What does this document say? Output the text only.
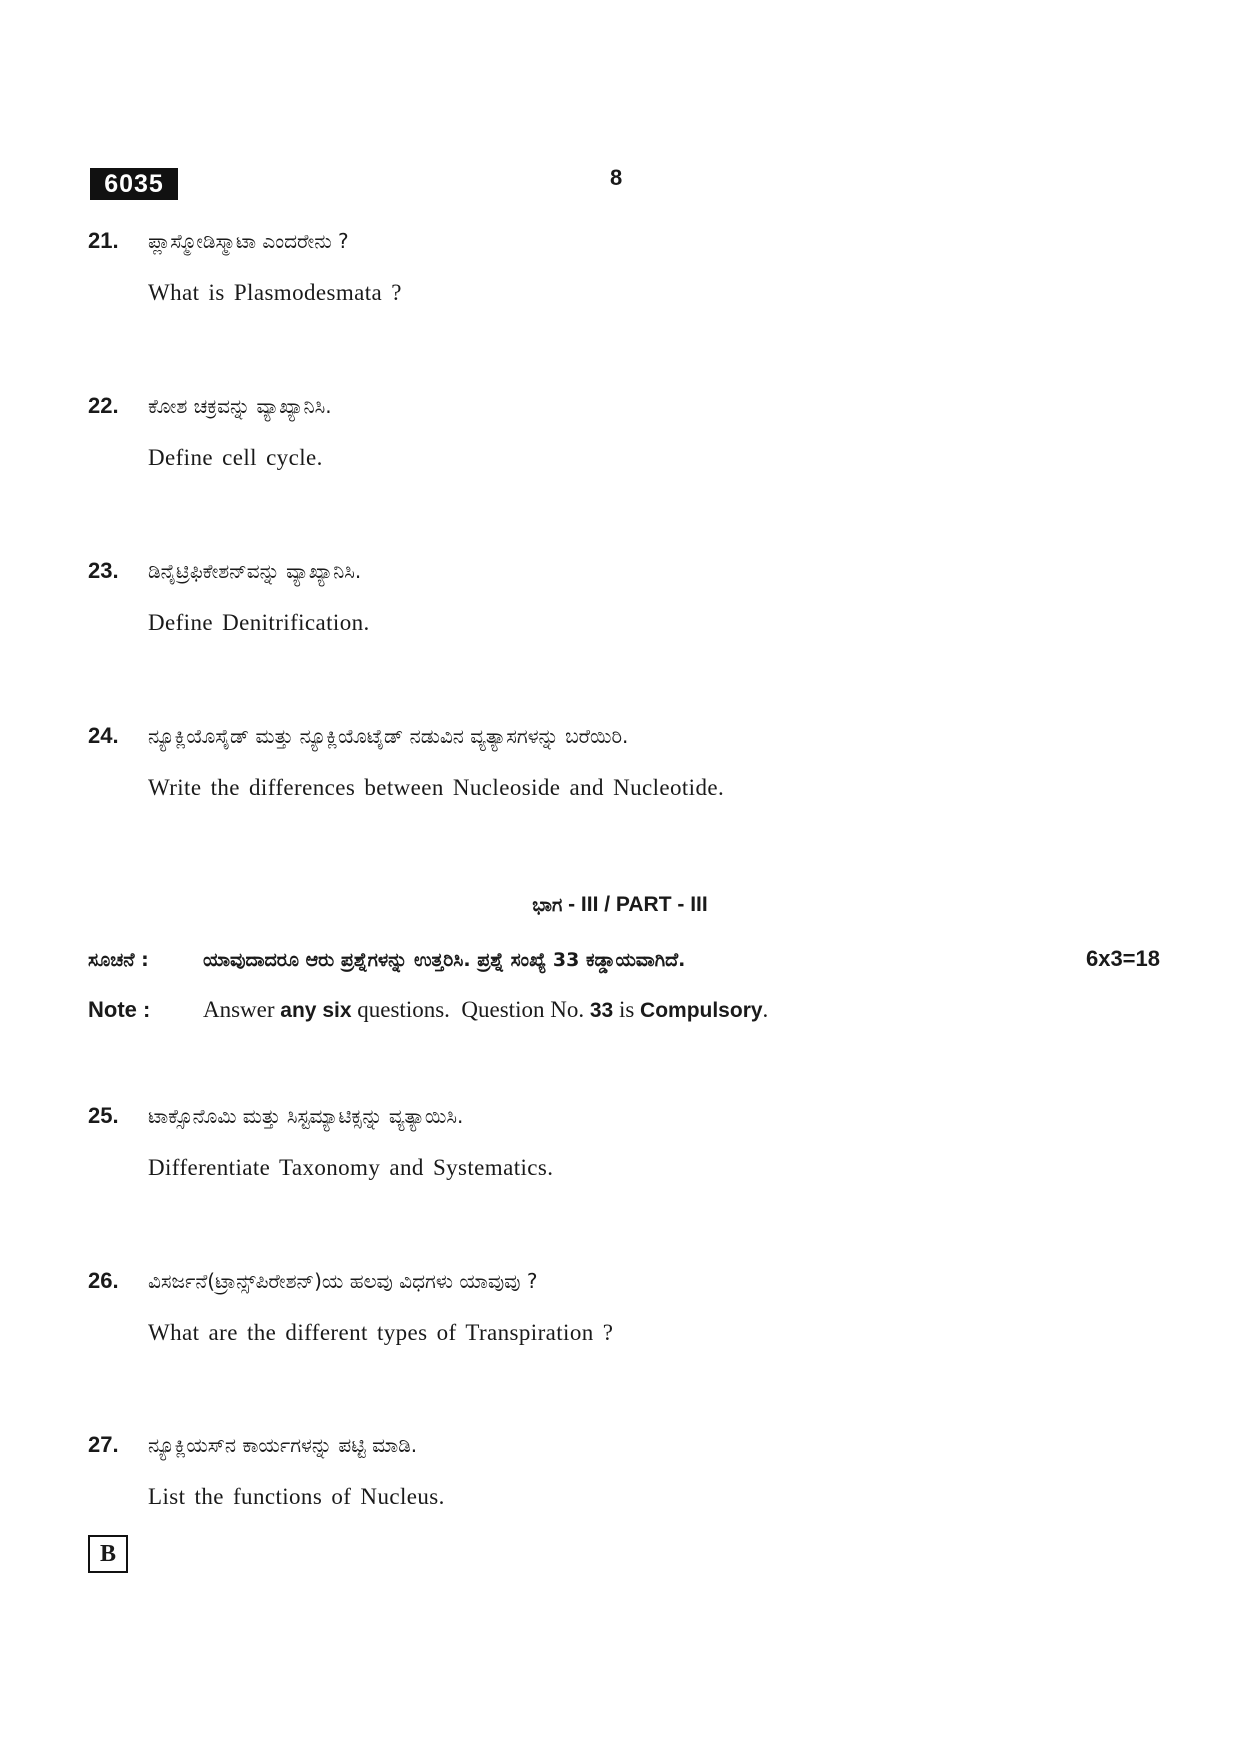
6035	8
21.	ಪ್ಲಾಸ್ಮೋಡಿಸ್ಮಾಟಾ ಎಂದರೇನು ?
What is Plasmodesmata ?
22.	ಕೋಶ ಚಕ್ರವನ್ನು ವ್ಯಾಖ್ಯಾನಿಸಿ.
Define cell cycle.
23.	ಡಿನೈಟ್ರಿಫಿಕೇಶನ್‌ವನ್ನು ವ್ಯಾಖ್ಯಾನಿಸಿ.
Define Denitrification.
24.	ನ್ಯೂಕ್ಲಿಯೊಸೈಡ್ ಮತ್ತು ನ್ಯೂಕ್ಲಿಯೊಟೈಡ್ ನಡುವಿನ ವ್ಯತ್ಯಾಸಗಳನ್ನು ಬರೆಯಿರಿ.
Write the differences between Nucleoside and Nucleotide.
ಭಾಗ - III / PART - III
ಸೂಚನೆ :	ಯಾವುದಾದರೂ ಆರು ಪ್ರಶ್ನೆಗಳನ್ನು ಉತ್ತರಿಸಿ. ಪ್ರಶ್ನೆ ಸಂಖ್ಯೆ 33 ಕಡ್ಡಾಯವಾಗಿದೆ.	6x3=18
Note :	Answer any six questions.  Question No. 33 is Compulsory.
25.	ಟಾಕ್ಸೊನೊಮಿ ಮತ್ತು ಸಿಸ್ಟಮ್ಯಾಟಿಕ್ಸನ್ನು ವ್ಯತ್ಯಾಯಿಸಿ.
Differentiate Taxonomy and Systematics.
26.	ವಿಸರ್ಜನೆ(ಟ್ರಾನ್ಸ್‌ಪಿರೇಶನ್)ಯ ಹಲವು ವಿಧಗಳು ಯಾವುವು ?
What are the different types of Transpiration ?
27.	ನ್ಯೂಕ್ಲಿಯಸ್‌ನ ಕಾರ್ಯಗಳನ್ನು ಪಟ್ಟಿ ಮಾಡಿ.
List the functions of Nucleus.
B
